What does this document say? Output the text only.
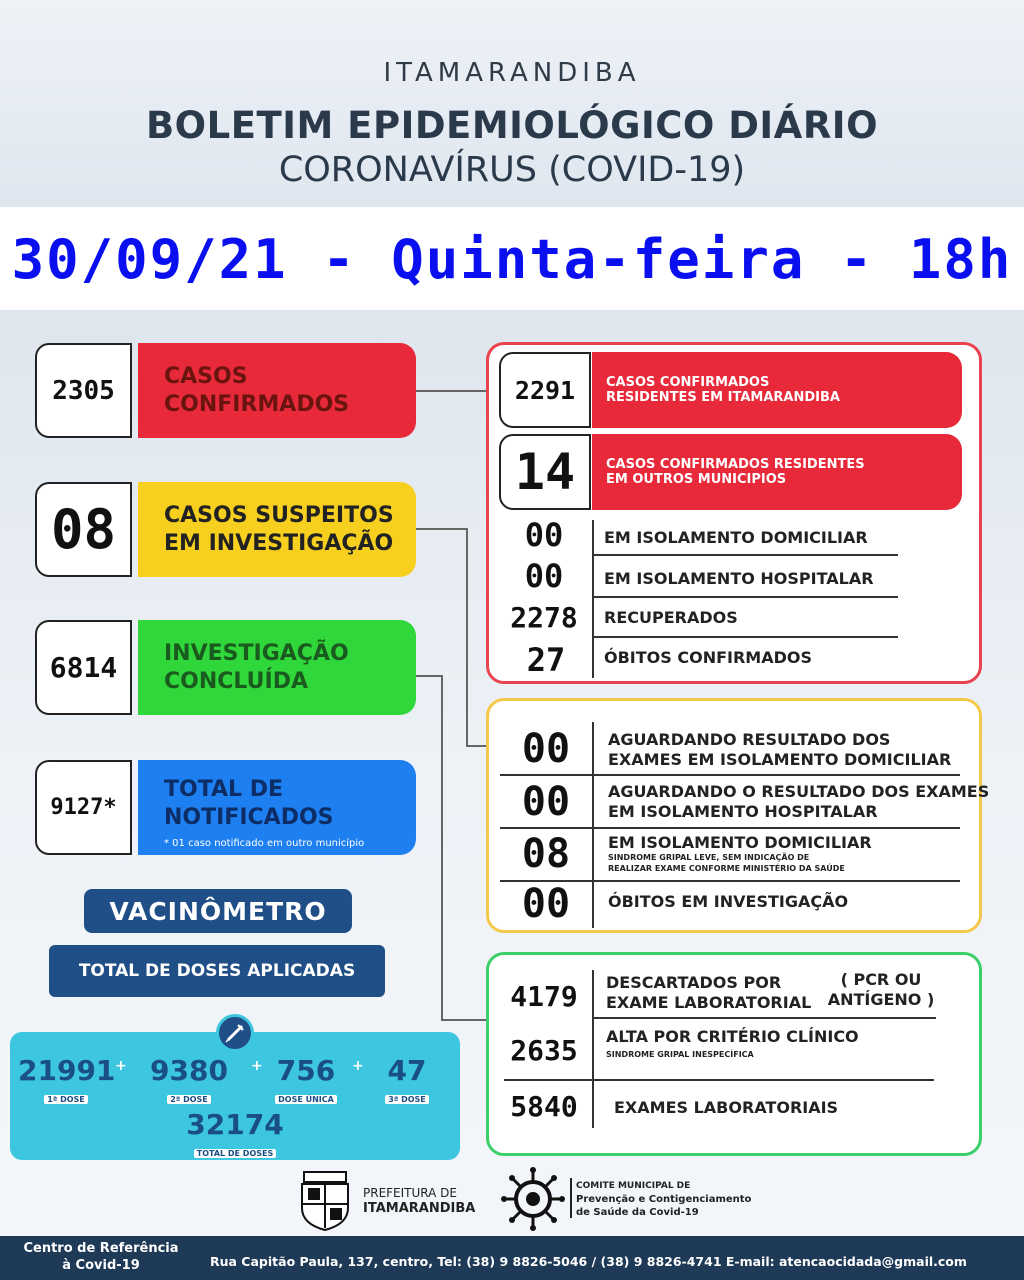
ITAMARANDIBA
BOLETIM EPIDEMIOLÓGICO DIÁRIO
CORONAVÍRUS (COVID-19)
30/09/21 - Quinta-feira - 18h
2305	CASOS
CONFIRMADOS
08	CASOS SUSPEITOS
EM INVESTIGAÇÃO
6814	INVESTIGAÇÃO
CONCLUÍDA
9127*
TOTAL DE
NOTIFICADOS
* 01 caso notificado em outro município
2291	CASOS CONFIRMADOS
RESIDENTES EM ITAMARANDIBA
14	CASOS CONFIRMADOS RESIDENTES
EM OUTROS MUNICIPIOS
00	EM ISOLAMENTO DOMICILIAR
00	EM ISOLAMENTO HOSPITALAR
2278	RECUPERADOS
27	ÓBITOS CONFIRMADOS
00	AGUARDANDO RESULTADO DOS
EXAMES EM ISOLAMENTO DOMICILIAR
00	AGUARDANDO O RESULTADO DOS EXAMES
EM ISOLAMENTO HOSPITALAR
08	EM ISOLAMENTO DOMICILIAR
SINDROME GRIPAL LEVE, SEM INDICAÇÃO DE
REALIZAR EXAME CONFORME MINISTÉRIO DA SAÚDE
00	ÓBITOS EM INVESTIGAÇÃO
4179	DESCARTADOS POR
EXAME LABORATORIAL
( PCR OU
ANTÍGENO )
2635	ALTA POR CRITÉRIO CLÍNICO
SINDROME GRIPAL INESPECÍFICA
5840	EXAMES LABORATORIAIS
VACINÔMETRO
TOTAL DE DOSES APLICADAS
21991
1ª DOSE
+ 9380
2ª DOSE
+ 756
DOSE ÚNICA
+ 47
3ª DOSE
32174
TOTAL DE DOSES
PREFEITURA DE
ITAMARANDIBA
COMITE MUNICIPAL DE
Prevenção e Contigenciamento
de Saúde da Covid-19
Centro de Referência
à Covid-19	Rua Capitão Paula, 137, centro, Tel: (38) 9 8826-5046 / (38) 9 8826-4741 E-mail: atencaocidada@gmail.com
